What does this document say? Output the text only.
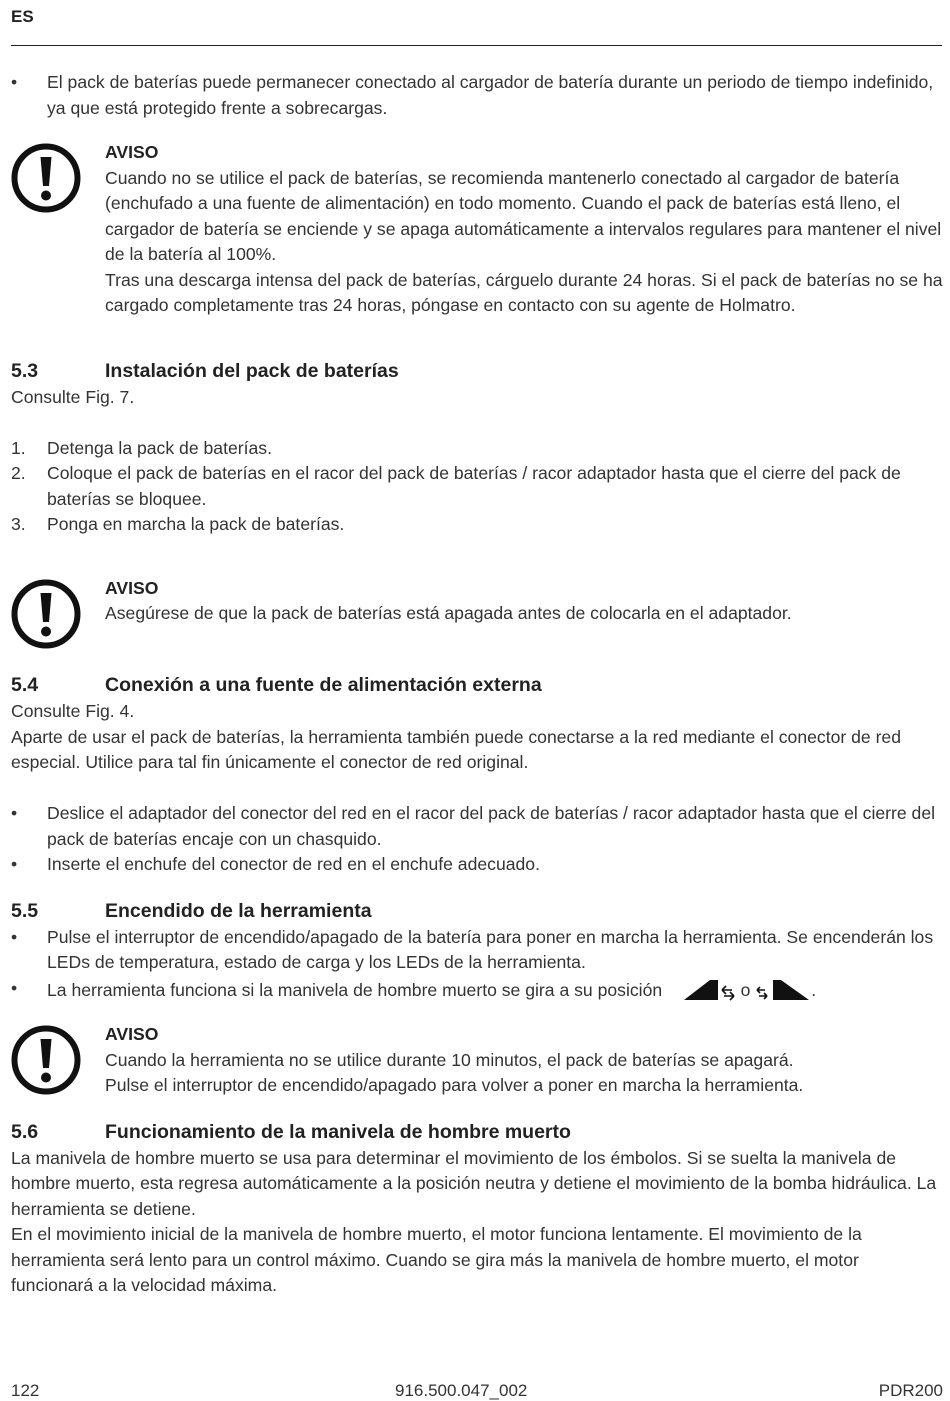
ES
•	El pack de baterías puede permanecer conectado al cargador de batería durante un periodo de tiempo indefinido, ya que está protegido frente a sobrecargas.

AVISO

Cuando no se utilice el pack de baterías, se recomienda mantenerlo conectado al cargador de batería (enchufado a una fuente de alimentación) en todo momento. Cuando el pack de baterías está lleno, el cargador de batería se enciende y se apaga automáticamente a intervalos regulares para mantener el nivel de la batería al 100%.

Tras una descarga intensa del pack de baterías, cárguelo durante 24 horas. Si el pack de baterías no se ha cargado completamente tras 24 horas, póngase en contacto con su agente de Holmatro.

5.3	Instalación del pack de baterías

Consulte Fig. 7.

1.	Detenga la pack de baterías.
2.	Coloque el pack de baterías en el racor del pack de baterías / racor adaptador hasta que el cierre del pack de baterías se bloquee.
3.	Ponga en marcha la pack de baterías.

AVISO

Asegúrese de que la pack de baterías está apagada antes de colocarla en el adaptador.

5.4	Conexión a una fuente de alimentación externa

Consulte Fig. 4.

Aparte de usar el pack de baterías, la herramienta también puede conectarse a la red mediante el conector de red especial. Utilice para tal fin únicamente el conector de red original.

•	Deslice el adaptador del conector del red en el racor del pack de baterías / racor adaptador hasta que el cierre del pack de baterías encaje con un chasquido.
•	Inserte el enchufe del conector de red en el enchufe adecuado.
5.5	Encendido de la herramienta
•	Pulse el interruptor de encendido/apagado de la batería para poner en marcha la herramienta. Se encenderán los LEDs de temperatura, estado de carga y los LEDs de la herramienta.
•	La herramienta funciona si la manivela de hombre muerto se gira a su posición	o	.

AVISO

Cuando la herramienta no se utilice durante 10 minutos, el pack de baterías se apagará.

Pulse el interruptor de encendido/apagado para volver a poner en marcha la herramienta.

5.6	Funcionamiento de la manivela de hombre muerto

La manivela de hombre muerto se usa para determinar el movimiento de los émbolos. Si se suelta la manivela de hombre muerto, esta regresa automáticamente a la posición neutra y detiene el movimiento de la bomba hidráulica. La herramienta se detiene.

En el movimiento inicial de la manivela de hombre muerto, el motor funciona lentamente. El movimiento de la herramienta será lento para un control máximo. Cuando se gira más la manivela de hombre muerto, el motor funcionará a la velocidad máxima.

122	916.500.047_002	PDR200
